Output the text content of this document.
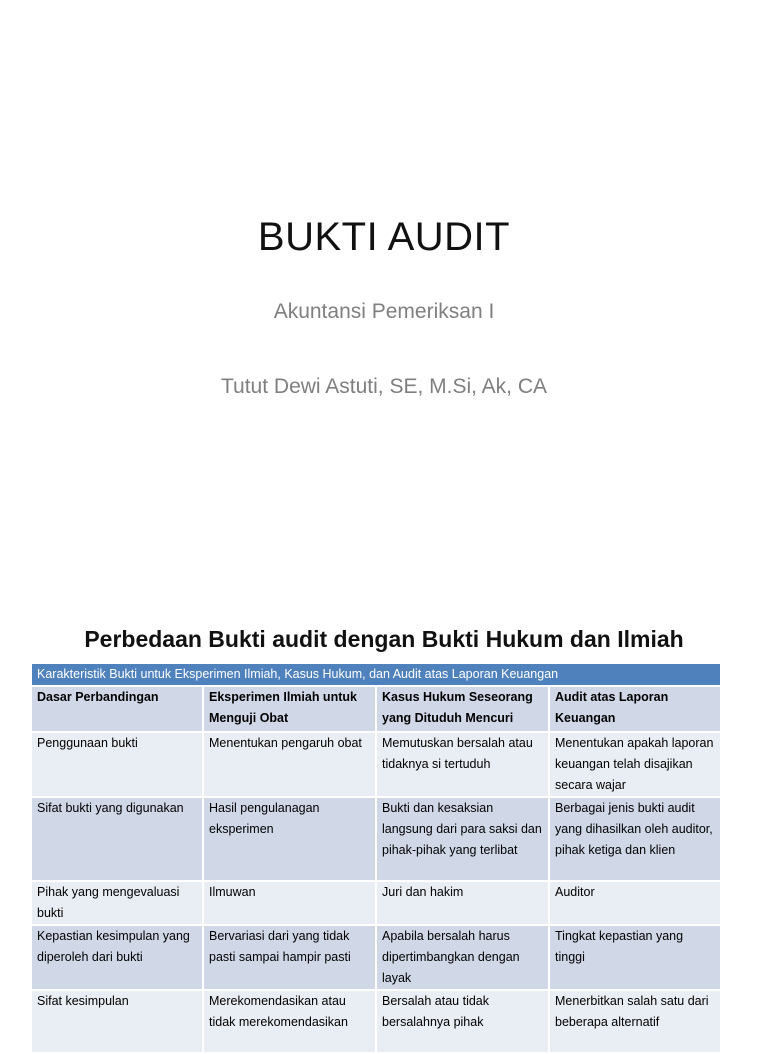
BUKTI AUDIT
Akuntansi Pemeriksan I
Tutut Dewi Astuti, SE, M.Si, Ak, CA
Perbedaan Bukti audit dengan Bukti Hukum dan Ilmiah
Karakteristik Bukti untuk Eksperimen Ilmiah, Kasus Hukum, dan Audit atas Laporan Keuangan			
Dasar Perbandingan	Eksperimen Ilmiah untuk Menguji Obat	Kasus Hukum Seseorang yang Dituduh Mencuri	Audit atas Laporan Keuangan
Penggunaan bukti	Menentukan pengaruh obat	Memutuskan bersalah atau tidaknya si tertuduh	Menentukan apakah laporan keuangan telah disajikan secara wajar
Sifat bukti yang digunakan	Hasil pengulanagan eksperimen	Bukti dan kesaksian langsung dari para saksi dan pihak-pihak yang terlibat	Berbagai jenis bukti audit yang dihasilkan oleh auditor, pihak ketiga dan klien
Pihak yang mengevaluasi bukti	Ilmuwan	Juri dan hakim	Auditor
Kepastian kesimpulan yang diperoleh dari bukti	Bervariasi dari yang tidak pasti sampai hampir pasti	Apabila bersalah harus dipertimbangkan dengan layak	Tingkat kepastian yang tinggi
Sifat kesimpulan	Merekomendasikan atau tidak merekomendasikan	Bersalah atau tidak bersalahnya pihak	Menerbitkan salah satu dari beberapa alternatif
